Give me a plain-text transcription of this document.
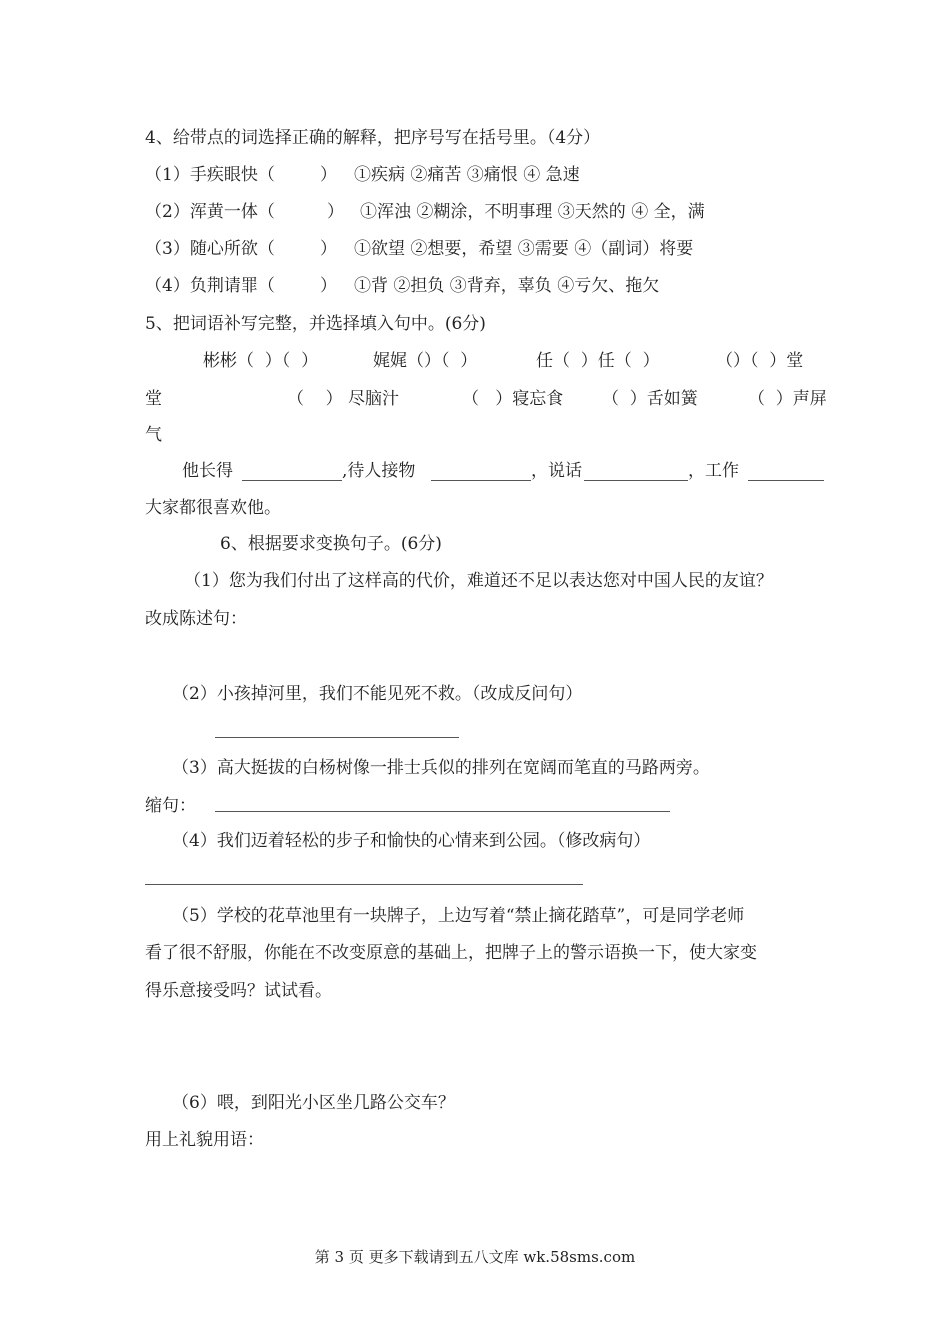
4、给带点的词选择正确的解释，把序号写在括号里。（4分）
（1）手疾眼快（	） ①疾病 ②痛苦 ③痛恨 ④ 急速
（2）浑黄一体（	） ①浑浊 ②糊涂，不明事理 ③天然的 ④ 全，满
（3）随心所欲（	） ①欲望 ②想要，希望 ③需要 ④（副词）将要
（4）负荆请罪（	） ①背 ②担负 ③背弃，辜负 ④亏欠、拖欠
5、把词语补写完整，并选择填入句中。(6分)
彬彬（  ）（  ）	娓娓（）（  ）	任（  ）任（  ）	（）（  ）堂
堂	（    ） 尽脑汁	（   ）寝忘食 （  ）舌如簧	（  ）声屏
气
他长得	,待人接物	，说话	，工作
大家都很喜欢他。
6、根据要求变换句子。(6分)
（1）您为我们付出了这样高的代价，难道还不足以表达您对中国人民的友谊？
改成陈述句：
（2）小孩掉河里，我们不能见死不救。（改成反问句）
（3）高大挺拔的白杨树像一排士兵似的排列在宽阔而笔直的马路两旁。
缩句：
（4）我们迈着轻松的步子和愉快的心情来到公园。（修改病句）
（5）学校的花草池里有一块牌子，上边写着“禁止摘花踏草”，可是同学老师
看了很不舒服，你能在不改变原意的基础上，把牌子上的警示语换一下，使大家变
得乐意接受吗？试试看。
（6）喂，到阳光小区坐几路公交车？
用上礼貌用语：
第 3 页 更多下载请到五八文库 wk.58sms.com
